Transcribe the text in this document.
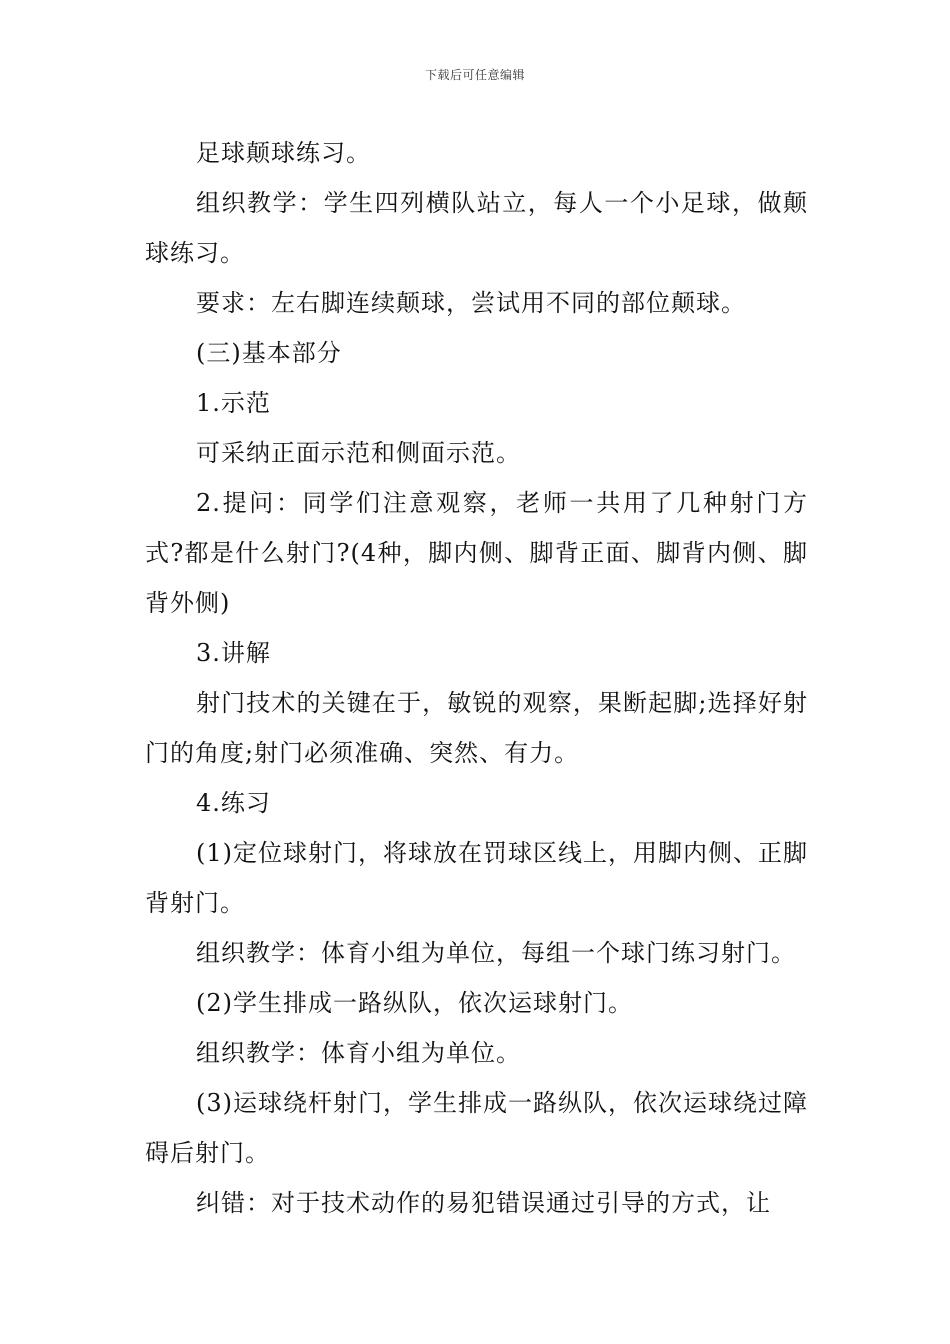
下载后可任意编辑

足球颠球练习。

组织教学：学生四列横队站立，每人一个小足球，做颠球练习。

要求：左右脚连续颠球，尝试用不同的部位颠球。

(三)基本部分

1.示范

可采纳正面示范和侧面示范。

2.提问：同学们注意观察，老师一共用了几种射门方式?都是什么射门?(4种，脚内侧、脚背正面、脚背内侧、脚背外侧)

3.讲解

射门技术的关键在于，敏锐的观察，果断起脚;选择好射门的角度;射门必须准确、突然、有力。

4.练习

(1)定位球射门，将球放在罚球区线上，用脚内侧、正脚背射门。

组织教学：体育小组为单位，每组一个球门练习射门。

(2)学生排成一路纵队，依次运球射门。

组织教学：体育小组为单位。

(3)运球绕杆射门，学生排成一路纵队，依次运球绕过障碍后射门。

纠错：对于技术动作的易犯错误通过引导的方式，让
